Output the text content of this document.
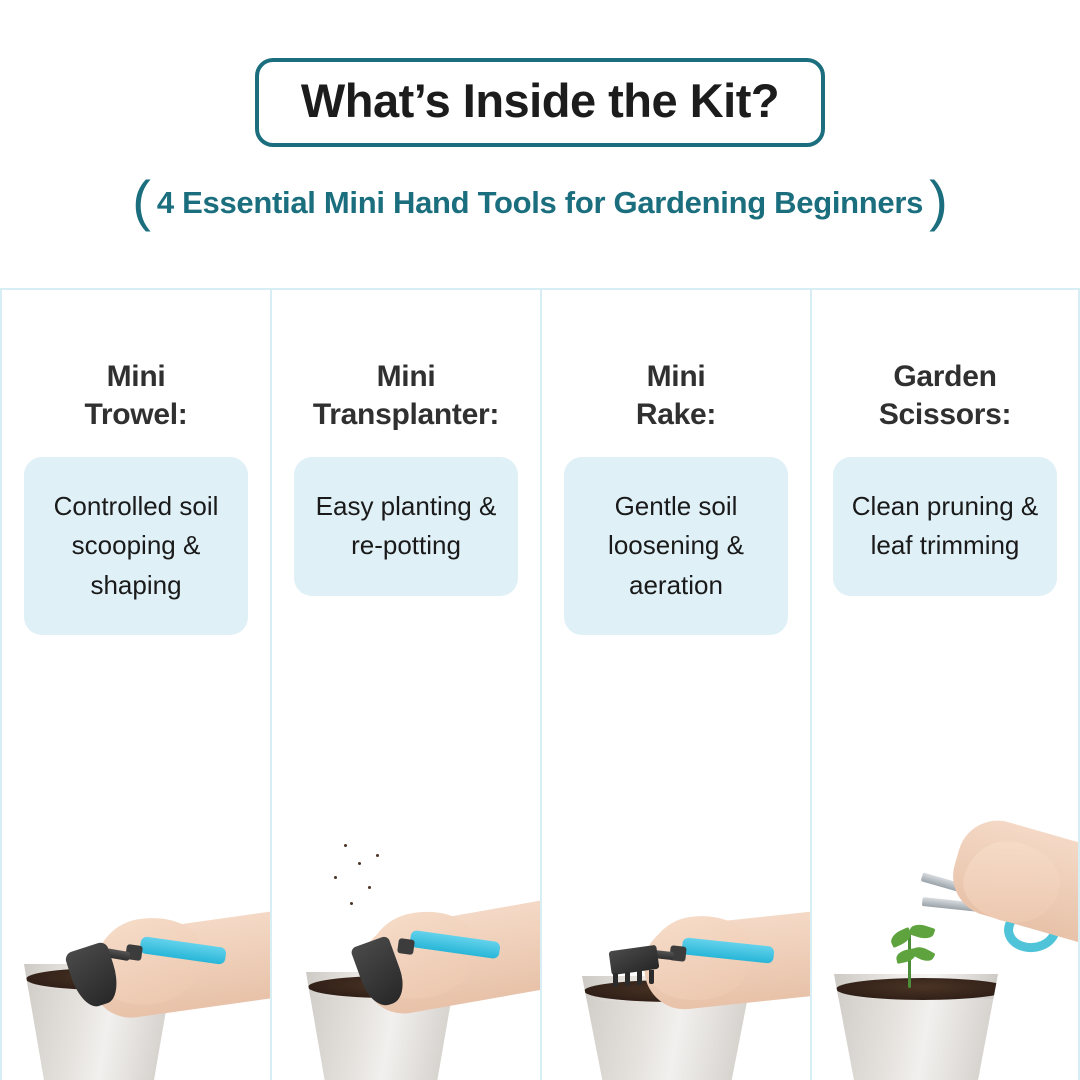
What’s Inside the Kit?
( 4 Essential Mini Hand Tools for Gardening Beginners )
Mini
Trowel:
Controlled soil scooping & shaping
Mini
Transplanter:
Easy planting & re-potting
Mini
Rake:
Gentle soil loosening & aeration
Garden
Scissors:
Clean pruning & leaf trimming
